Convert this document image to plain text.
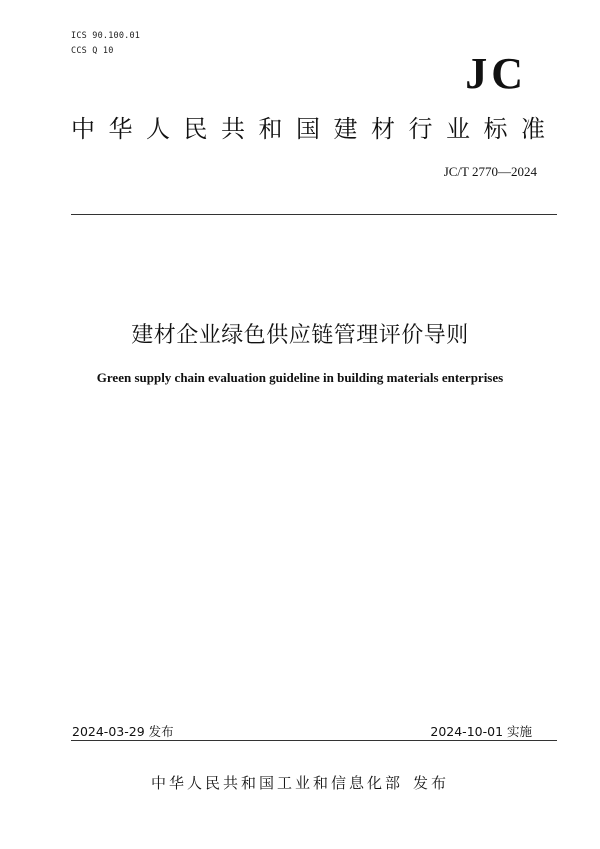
ICS 90.100.01
CCS Q 10	JC
中华人民共和国建材行业标准
JC/T 2770—2024
建材企业绿色供应链管理评价导则
Green supply chain evaluation guideline in building materials enterprises
2024-03-29 发布	2024-10-01 实施
中华人民共和国工业和信息化部 发布
